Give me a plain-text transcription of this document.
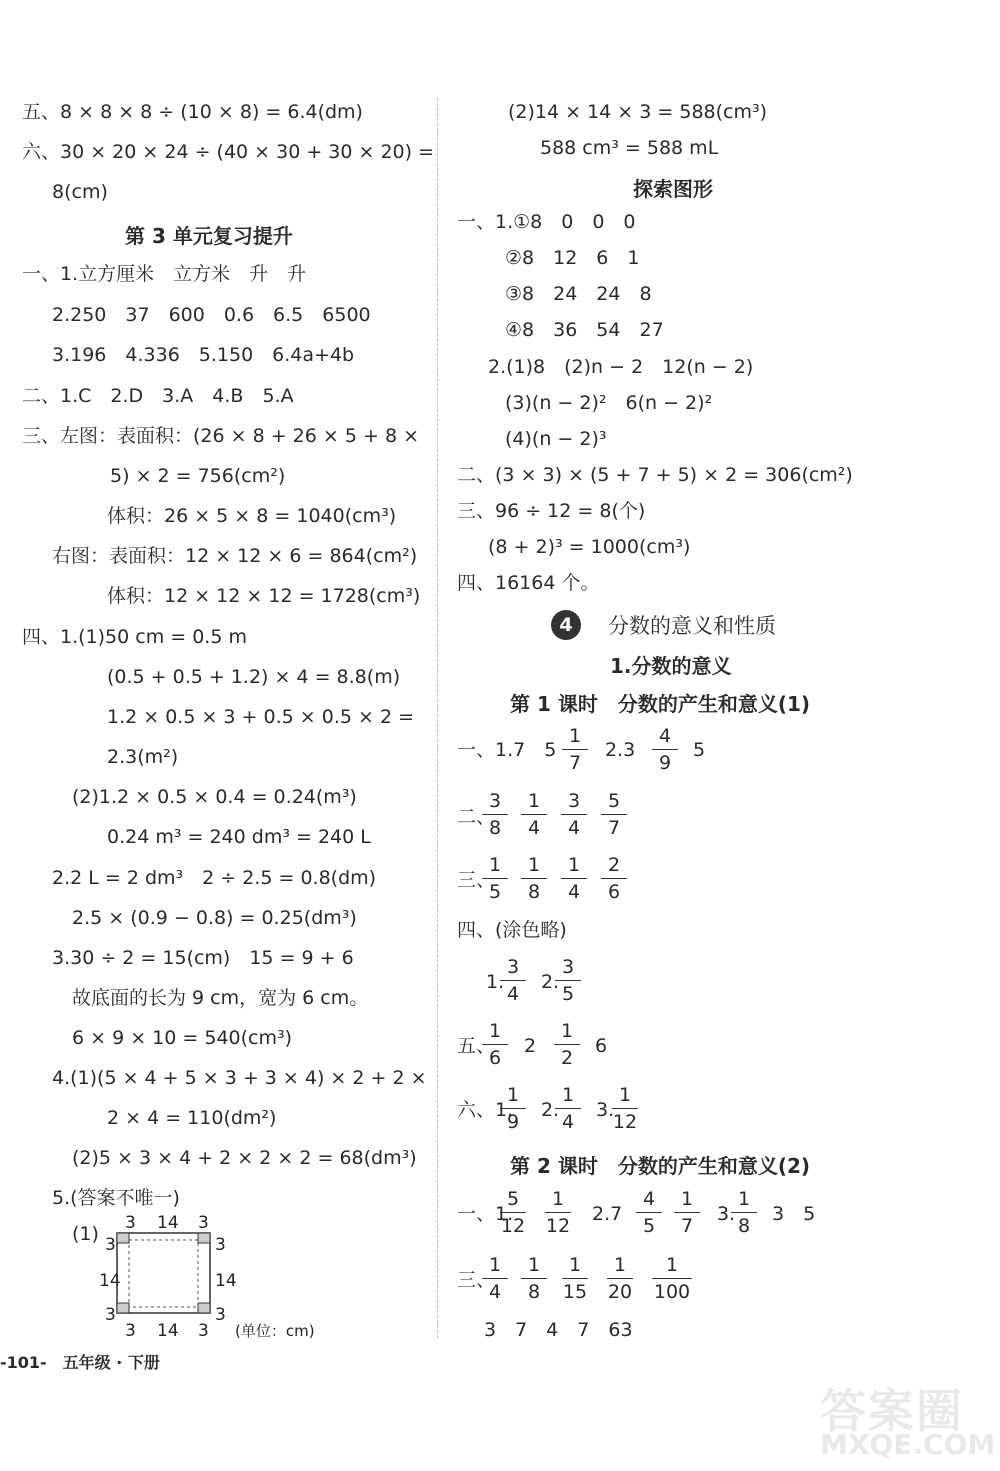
五、8 × 8 × 8 ÷ (10 × 8) = 6.4(dm)
六、30 × 20 × 24 ÷ (40 × 30 + 30 × 20) =
8(cm)
第 3 单元复习提升
一、1.立方厘米　立方米　升　升
2.250　37　600　0.6　6.5　6500
3.196　4.336　5.150　6.4a+4b
二、1.C　2.D　3.A　4.B　5.A
三、左图：表面积：(26 × 8 + 26 × 5 + 8 ×
5) × 2 = 756(cm²)
体积：26 × 5 × 8 = 1040(cm³)
右图：表面积：12 × 12 × 6 = 864(cm²)
体积：12 × 12 × 12 = 1728(cm³)
四、1.(1)50 cm = 0.5 m
(0.5 + 0.5 + 1.2) × 4 = 8.8(m)
1.2 × 0.5 × 3 + 0.5 × 0.5 × 2 =
2.3(m²)
(2)1.2 × 0.5 × 0.4 = 0.24(m³)
0.24 m³ = 240 dm³ = 240 L
2.2 L = 2 dm³　2 ÷ 2.5 = 0.8(dm)
2.5 × (0.9 − 0.8) = 0.25(dm³)
3.30 ÷ 2 = 15(cm)　15 = 9 + 6
故底面的长为 9 cm，宽为 6 cm。
6 × 9 × 10 = 540(cm³)
4.(1)(5 × 4 + 5 × 3 + 3 × 4) × 2 + 2 ×
2 × 4 = 110(dm²)
(2)5 × 3 × 4 + 2 × 2 × 2 = 68(dm³)
5.(答案不唯一)
(1) 3 14 3
3 14 3
3
14
3
3
14
3
(单位：cm)
(2)14 × 14 × 3 = 588(cm³)
588 cm³ = 588 mL
探索图形
一、1.①8　0　0　0
②8　12　6　1
③8　24　24　8
④8　36　54　27
2.(1)8　(2)n − 2　12(n − 2)
(3)(n − 2)²　6(n − 2)²
(4)(n − 2)³
二、(3 × 3) × (5 + 7 + 5) × 2 = 306(cm²)
三、96 ÷ 12 = 8(个)
(8 + 2)³ = 1000(cm³)
四、16164 个。
4	分数的意义和性质
1.分数的意义
第 1 课时　分数的产生和意义(1)
一、1.7　$5 \frac{1}{7} 2.3 \frac{4}{9} 5$
二、
$\frac{3}{8} \frac{1}{4} \frac{3}{4} \frac{5}{7}$
三、
$\frac{1}{5} \frac{1}{8} \frac{1}{4} \frac{2}{6}$
四、(涂色略)
1.
$\frac{3}{4} 2$.
$\frac{3}{5}$
五、
$\frac{1}{6} 2 \frac{1}{2} 6$
六、1.
$\frac{1}{9} 2$.
$\frac{1}{4} 3$.
$\frac{1}{12}$
第 2 课时　分数的产生和意义(2)
一、1.
$\frac{5}{12} \frac{1}{12} 2.7 \frac{4}{5} \frac{1}{7} 3$.
$\frac{1}{8} 3$　5
三、
$\frac{1}{4} \frac{1}{8} \frac{1}{15} \frac{1}{20} \frac{1}{100}$
3　7　4　7　63
-101-　五年级 · 下册
答案圈
MXQE.COM
